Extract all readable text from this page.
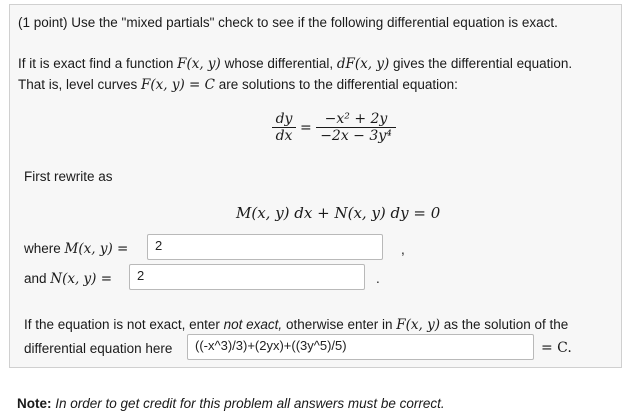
(1 point) Use the "mixed partials" check to see if the following differential equation is exact.
If it is exact find a function F(x, y) whose differential, dF(x, y) gives the differential equation.
That is, level curves F(x, y) = C are solutions to the differential equation:
dy
dx =
−x² + 2y
−2x − 3y⁴
First rewrite as
M(x, y) dx + N(x, y) dy = 0
where M(x, y) =	2	,
and N(x, y) =	2	.
If the equation is not exact, enter not exact, otherwise enter in F(x, y) as the solution of the
differential equation here	((-x^3)/3)+(2yx)+((3y^5)/5)	= C.
Note: In order to get credit for this problem all answers must be correct.
